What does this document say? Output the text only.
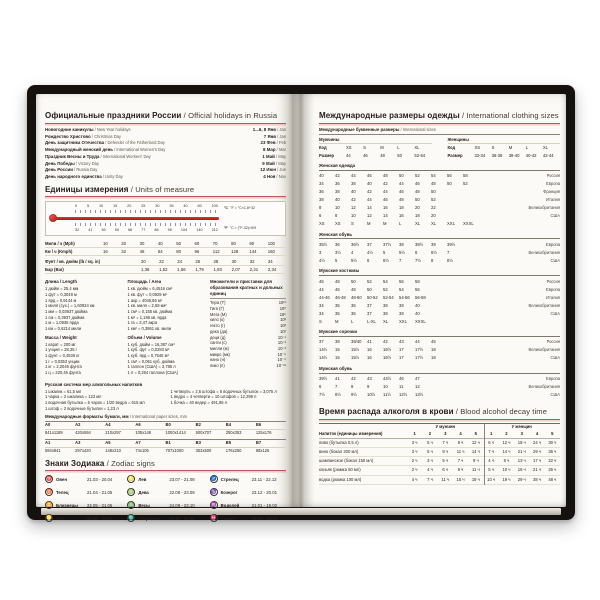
Официальные праздники России / Official holidays in Russia
Новогодние каникулы / New Year holidays	1...6, 8 Янв / Jan
Рождество Христово / Christmas Day	7 Янв / Jan
День защитника Отечества / Defender of the Fatherland Day	23 Фев / Feb
Международный женский день / International Women's Day	8 Мар / Mar
Праздник Весны и Труда / International Workers' Day	1 Май / May
День Победы / Victory Day	9 Май / May
День России / Russia Day	12 Июн / Jun
День народного единства / Unity Day	4 Ноя / Nov
Единицы измерения / Units of measure
0	5	10	15	20	25	30	35	40	60	100
32 41 50 59 68 77 86 95 104 140 212
°C °F = °C×1,8+32
°F °C = (°F-32)×5/9
Мили / ч (Mph)	10	20	30	40	50	60	70	80	90	100
Км / ч (Kmph)	16	32	48	64	80	96	112	128	144	160
Фунт / кв. дюйм (lb / sq. in)	20	22	24	26	28	30	32	34
Бар (Bar)	1,38	1,52	1,66	1,79	1,93	2,07	2,21	2,34
Длина / Length
1 дюйм = 25,4 мм
1 фут = 0,3048 м
1 ярд = 0,9144 м
1 миля (сух.) = 1,60934 км
1 мм = 0,03937 дюйма
1 см = 0,3937 дюйма
1 м = 1,0936 ярда
1 км = 0,6214 мили
Масса / Weight
1 карат = 200 мг
1 унция = 28,35 г
1 фунт = 0,4536 кг
1 г = 0,0353 унции
1 кг = 2,2046 фунта
1 ц = 220,46 фунта
Площадь / Area
1 кв. дюйм = 6,4516 см²
1 кв. фут = 0,0929 м²
1 акр = 4046,86 м²
1 кв. миля = 2,59 км²
1 см² = 0,155 кв. дюйма
1 м² = 1,196 кв. ярда
1 га = 2,47 акра
1 км² = 0,3861 кв. мили
Объем / Volume
1 куб. дюйм = 16,387 см³
1 куб. фут = 0,0283 м³
1 куб. ярд = 0,7646 м³
1 см³ = 0,061 куб. дюйма
1 галлон (США) = 3,785 л
1 л = 0,264 галлона (США)
Множители и приставки для образования кратных и дольных единиц
Тера (Т)	10¹²
Гига (Г)	10⁹
Мега (М)	10⁶
кило (к)	10³
гекто (г)	10²
дека (да)	10¹
деци (д)	10⁻¹
санти (с)	10⁻²
милли (м)	10⁻³
микро (мк)	10⁻⁶
нано (н)	10⁻⁹
пико (п)	10⁻¹²
Русская система мер алкогольных напитков
1 шкалик = 61,5 мл
1 чарка = 2 шкалика = 123 мл
1 водочная бутылка = 5 чарок = 1/20 ведра = 615 мл
1 штоф = 2 водочные бутылки = 1,23 л
1 четверть = 2,5 штофа = 5 водочных бутылок = 3,075 л
1 ведро = 4 четверти = 10 штофов = 12,299 л
1 бочка = 40 ведер = 491,96 л
Международные форматы бумаги, мм / International paper sizes, mm
A0	A2	A4	A6	B0	B2	B4	B6
841x1189	420x594	210x297	105x148	1000x1414	500x707	250x353	125x176
A1	A3	A5	A7	B1	B3	B5	B7
594x841	297x420	148x210	74x105	707x1000	353x500	176x250	88x125
Знаки Зодиака / Zodiac signs
♈ Овен	21.03 - 20.04
♉ Телец	21.04 - 21.05
♊ Близнецы	22.05 - 21.06
♋ Рак	22.06 - 22.07
♌ Лев	23.07 - 21.08
♍ Дева	22.08 - 23.09
♎ Весы	24.09 - 23.10
♏ Скорпион	24.10 - 22.11
♐ Стрелец	23.11 - 22.12
♑ Козерог	23.12 - 20.01
♒ Водолей	21.01 - 19.02
♓ Рыбы	20.02 - 20.03
Международные размеры одежды / International clothing sizes
Международные буквенные размеры / International sizes
Мужчины
Код	XS	S	M	L	XL
Размер	44	46	48	50	52-54
Женщины
Код	XS	S	M	L	XL
Размер	32-34	36-38	38-40	40-42	42-44
Женская одежда
40	42	44	46	48	50	52	54	56	58	Россия
34	36	38	40	42	44	46	48	50	52	Европа
36	38	40	42	44	46	48	50	Франция
38	40	42	44	46	48	50	52	Италия
8	10	12	14	16	18	20	22	Великобритания
6	8	10	12	14	16	18	20	США
XS	XS	S	M	M	L	XL	XL	XXL	XXXL
Женская обувь
35½	36	36½	37	37½	38	38½	39	39½	Европа
3	3½	4	4½	5	5½	6	6½	7	Великобритания
4½	5	5½	6	6½	7	7½	8	8½	США
Мужские костюмы
46	48	50	52	54	56	58	Россия
44	46	48	50	52	54	56	Европа
44-46	46-48	48-50	50-52	52-54	54-56	56-58	Италия
34	35	36	37	38	39	40	Великобритания
34	35	36	37	38	39	40	США
S	M	L	L-XL	XL	XXL	XXXL
Мужские сорочки
37	38	39/40	41	42	43	44	45	Россия
14½	15	15½	16	16½	17	17½	18	Великобритания
14½	15	15½	16	16½	17	17½	18	США
Мужская обувь
39½	41	42	43	44½	46	47	Европа
6	7	8	9	10	11	12	Великобритания
7½	8½	9½	10½	11½	12½	13½	США
Время распада алкоголя в крови / Blood alcohol decay time
У мужчин	У женщин
Напиток (единицы измерения)	1	2	3	4	5	1	2	3	4	5
пиво (бутылка 0,5 л)	3 ч	5 ч	7 ч	9 ч	12 ч	6 ч	12 ч	18 ч	24 ч	30 ч
вино (бокал 200 мл)	3 ч	5 ч	8 ч	11 ч	14 ч	7 ч	14 ч	21 ч	29 ч	36 ч
шампанское (бокал 150 мл)	2 ч	3 ч	5 ч	7 ч	9 ч	4 ч	8 ч	13 ч	17 ч	22 ч
коньяк (рюмка 50 мл)	2 ч	4 ч	6 ч	9 ч	11 ч	5 ч	10 ч	16 ч	21 ч	26 ч
водка (рюмка 100 мл)	4 ч	7 ч	11 ч	15 ч	19 ч	10 ч	19 ч	29 ч	38 ч	48 ч
